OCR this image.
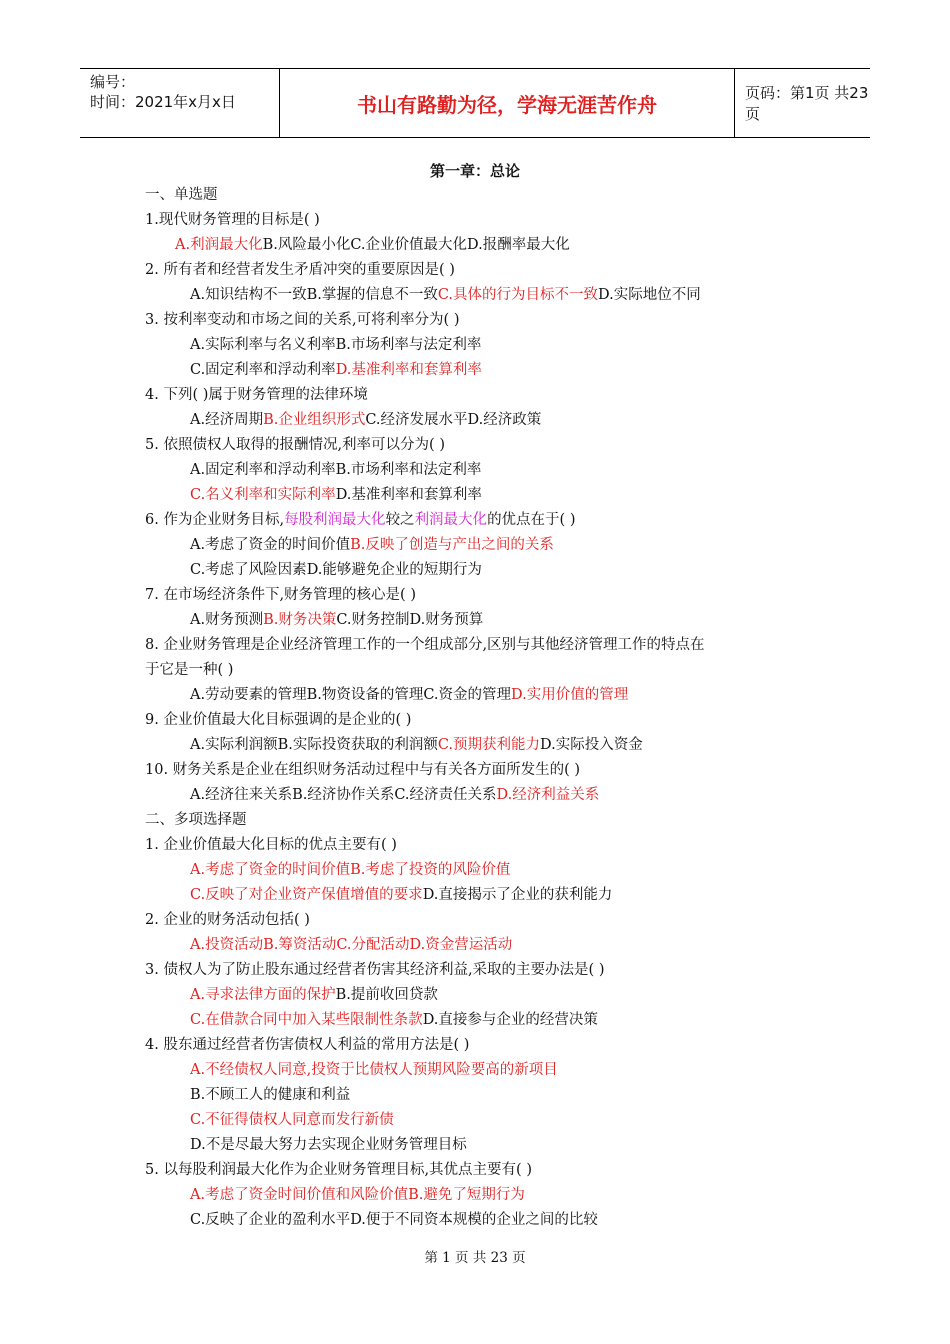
编号：
时间：2021年x月x日	书山有路勤为径，学海无涯苦作舟	页码：第1页 共23页
第一章：总论
一、单选题
1.现代财务管理的目标是( )
A.利润最大化B.风险最小化C.企业价值最大化D.报酬率最大化
2. 所有者和经营者发生矛盾冲突的重要原因是( )
A.知识结构不一致B.掌握的信息不一致C.具体的行为目标不一致D.实际地位不同
3. 按利率变动和市场之间的关系,可将利率分为( )
A.实际利率与名义利率B.市场利率与法定利率
C.固定利率和浮动利率D.基准利率和套算利率
4. 下列( )属于财务管理的法律环境
A.经济周期B.企业组织形式C.经济发展水平D.经济政策
5. 依照债权人取得的报酬情况,利率可以分为( )
A.固定利率和浮动利率B.市场利率和法定利率
C.名义利率和实际利率D.基准利率和套算利率
6. 作为企业财务目标,每股利润最大化较之利润最大化的优点在于( )
A.考虑了资金的时间价值B.反映了创造与产出之间的关系
C.考虑了风险因素D.能够避免企业的短期行为
7. 在市场经济条件下,财务管理的核心是( )
A.财务预测B.财务决策C.财务控制D.财务预算
8. 企业财务管理是企业经济管理工作的一个组成部分,区别与其他经济管理工作的特点在
于它是一种( )
A.劳动要素的管理B.物资设备的管理C.资金的管理D.实用价值的管理
9. 企业价值最大化目标强调的是企业的( )
A.实际利润额B.实际投资获取的利润额C.预期获利能力D.实际投入资金
10. 财务关系是企业在组织财务活动过程中与有关各方面所发生的( )
A.经济往来关系B.经济协作关系C.经济责任关系D.经济利益关系
二、多项选择题
1. 企业价值最大化目标的优点主要有( )
A.考虑了资金的时间价值B.考虑了投资的风险价值
C.反映了对企业资产保值增值的要求D.直接揭示了企业的获利能力
2. 企业的财务活动包括( )
A.投资活动B.筹资活动C.分配活动D.资金营运活动
3. 债权人为了防止股东通过经营者伤害其经济利益,采取的主要办法是( )
A.寻求法律方面的保护B.提前收回贷款
C.在借款合同中加入某些限制性条款D.直接参与企业的经营决策
4. 股东通过经营者伤害债权人利益的常用方法是( )
A.不经债权人同意,投资于比债权人预期风险要高的新项目
B.不顾工人的健康和利益
C.不征得债权人同意而发行新债
D.不是尽最大努力去实现企业财务管理目标
5. 以每股利润最大化作为企业财务管理目标,其优点主要有( )
A.考虑了资金时间价值和风险价值B.避免了短期行为
C.反映了企业的盈利水平D.便于不同资本规模的企业之间的比较
第 1 页 共 23 页
